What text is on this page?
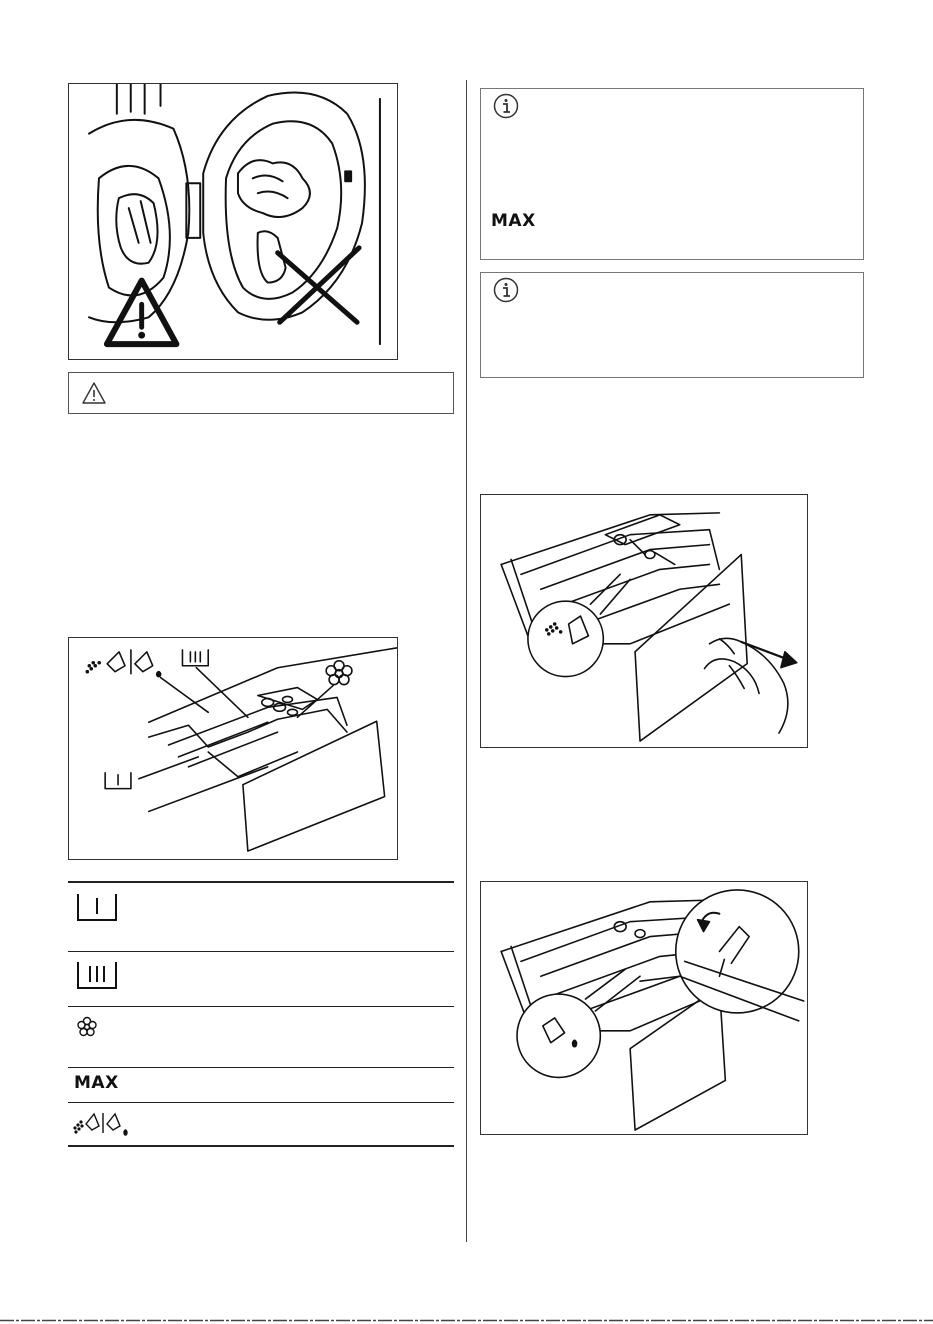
MAX
MAX
